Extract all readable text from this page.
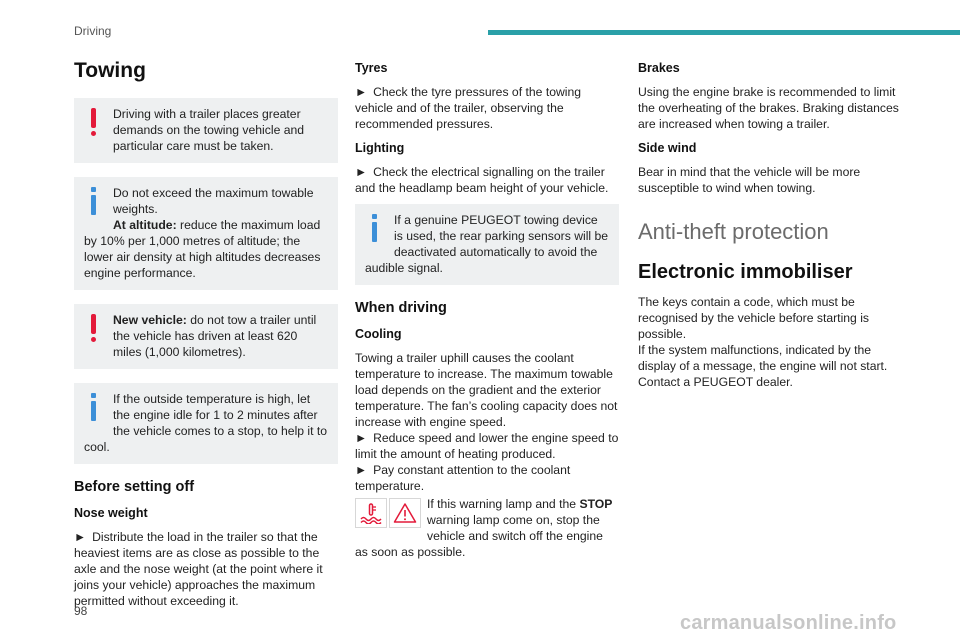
Driving
Towing
Driving with a trailer places greater demands on the towing vehicle and particular care must be taken.
Do not exceed the maximum towable weights.
At altitude: reduce the maximum load by 10% per 1,000 metres of altitude; the lower air density at high altitudes decreases engine performance.
New vehicle: do not tow a trailer until the vehicle has driven at least 620 miles (1,000 kilometres).
If the outside temperature is high, let the engine idle for 1 to 2 minutes after the vehicle comes to a stop, to help it to cool.
Before setting off
Nose weight

► Distribute the load in the trailer so that the heaviest items are as close as possible to the axle and the nose weight (at the point where it joins your vehicle) approaches the maximum permitted without exceeding it.

Tyres

► Check the tyre pressures of the towing vehicle and of the trailer, observing the recommended pressures.

Lighting

► Check the electrical signalling on the trailer and the headlamp beam height of your vehicle.

If a genuine PEUGEOT towing device is used, the rear parking sensors will be deactivated automatically to avoid the audible signal.
When driving
Cooling

Towing a trailer uphill causes the coolant temperature to increase. The maximum towable load depends on the gradient and the exterior temperature. The fan’s cooling capacity does not increase with engine speed.
► Reduce speed and lower the engine speed to limit the amount of heating produced.
► Pay constant attention to the coolant temperature.

If this warning lamp and the STOP warning lamp come on, stop the vehicle and switch off the engine as soon as possible.

Brakes

Using the engine brake is recommended to limit the overheating of the brakes. Braking distances are increased when towing a trailer.

Side wind

Bear in mind that the vehicle will be more susceptible to wind when towing.

Anti-theft protection
Electronic immobiliser

The keys contain a code, which must be recognised by the vehicle before starting is possible.
If the system malfunctions, indicated by the display of a message, the engine will not start.
Contact a PEUGEOT dealer.

98
carmanualsonline.info
